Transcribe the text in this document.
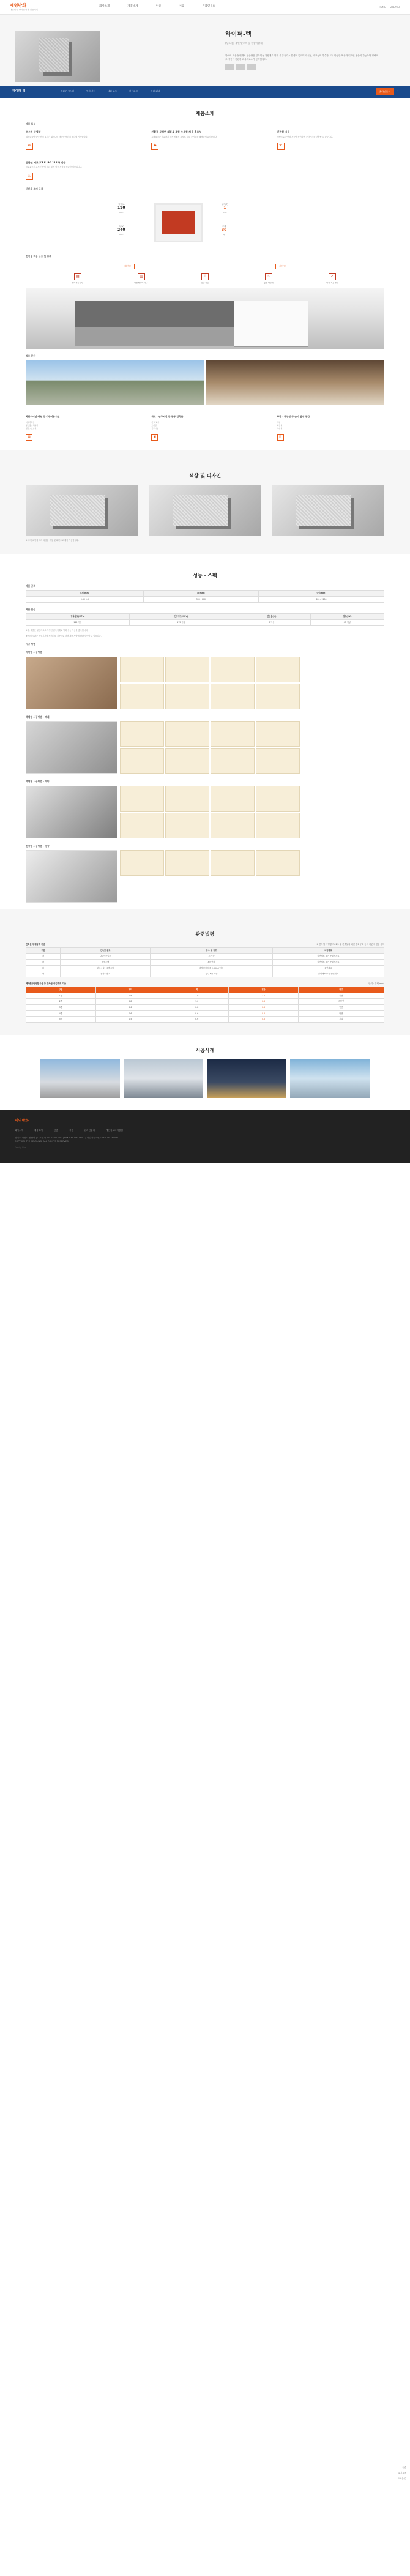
세영방화
대한민국 방화건자재 전문기업
회사소개	제품소개	인증	시공	온라인문의	HOME SITEMAP
하이퍼-텍
(상표명) 불연 알루미늄 천장마감재

하이퍼-텍은 불연재로 인증받은 알루미늄 천장재로 화재 시 유독가스 발생이 없으며 내식성, 내구성이 우수합니다. 다양한 색상과 디자인 연출이 가능하며 경량으로 시공이 간편하고 유지보수가 용이합니다.

하이퍼-텍	방화문 시스템	방화 셔터	내화 보드	하이퍼-텍	방화 패널	온라인문의	›
제품소개
제품 특성
우수한 단열성

열전도율이 낮아 단열 효과가 뛰어나며 냉난방 에너지 절감에 기여합니다.

❄
친환경 무석면 제품을 통한 우수한 차음·흡음성

유해물질을 함유하지 않은 친환경 소재로 실내 공기질을 쾌적하게 유지합니다.

♣
간편한 시공

경량으로 운반과 시공이 용이하며 공사기간을 단축할 수 있습니다.

⚒
준불연 재료(KS F ISO 1182) 인증

국토교통부 고시 기준에 따른 불연 성능 시험을 통과한 제품입니다.

♨
단판용 부재 규격
길이(L)
190
mm
폭(W)
240
mm
두께(T)
1
mm
무게
30
kg
건축물 적용 구조 및 효과
내단열	외단열
▤
알루미늄 판넬
▥
단열재 / 석고보드
♪
흡음·차음
♨
불연 마감재
✓
마감 시공 완료
적용 분야
복합터미널·병원 등 다중이용시설
지하주차장
공연장 / 체육관
병원 / 요양원
▦
학교 · 연구시설 등 공공 건축물
학교 교실
도서관
연구시설
▣
주방 · 화장실 등 습기 발생 공간
주방
화장실
샤워실
◫
색상 및 디자인
※ 고객 요청에 따라 다양한 색상 및 패턴으로 제작 가능합니다.
성능 · 스펙
제품 규격
두께(mm)	폭(mm)	길이(mm)
0.8 / 1.0	300 / 600	600 / 1200
제품 물성
항복강도(MPa)	인장강도(MPa)	연신율(%)	경도(HV)
145 이상	175 이상	3 이상	45 이상
※ 본 제품은 불연재료로 지정된 건축자재로 방화 성능 기준을 충족합니다.
※ 시험 결과는 시험기관의 성적서를 기준으로 하며 제품 사양에 따라 상이할 수 있습니다.
시공 방법
바닥형 시공방법
벽체형 시공방법 - 폐쇄
벽체형 시공방법 - 개방
천장형 시공방법 - 경량
관련법령
건축물의 내장재 기준	※ 건축법 시행령 제61조 및 건축물의 피난·방화구조 등의 기준에 관한 규칙
구분	건축물 용도	층수 및 규모	마감재료
가	다중이용업소	모든 층	불연재료 또는 준불연재료
나	공동주택	3층 이상	불연재료 또는 준불연재료
다	판매시설 · 숙박시설	바닥면적 합계 2,000㎡ 이상	불연재료
라	공장 · 창고	층수 6층 이상	불연재료 또는 난연재료
제2종근린생활시설 등 건축물 마감재료 기준	단위 : 두께(mm)
구분	바닥	벽	천장	비고
1종	0.8	1.0	1.0	불연
2종	0.8	1.0	0.8	준불연
3종	0.6	0.8	0.8	난연
4종	0.6	0.6	0.6	난연
5종	0.5	0.6	0.6	기타
시공사례
세영방화
회사소개	제품소개	인증	시공	온라인문의	개인정보처리방침
경기도 화성시 팔탄면 | 대표전화 031-000-0000 | FAX 031-000-0001 | 사업자등록번호 000-00-00000
COPYRIGHT © SEYOUNG. ALL RIGHTS RESERVED.
Family Site
인증
회사소개
오시는 길
